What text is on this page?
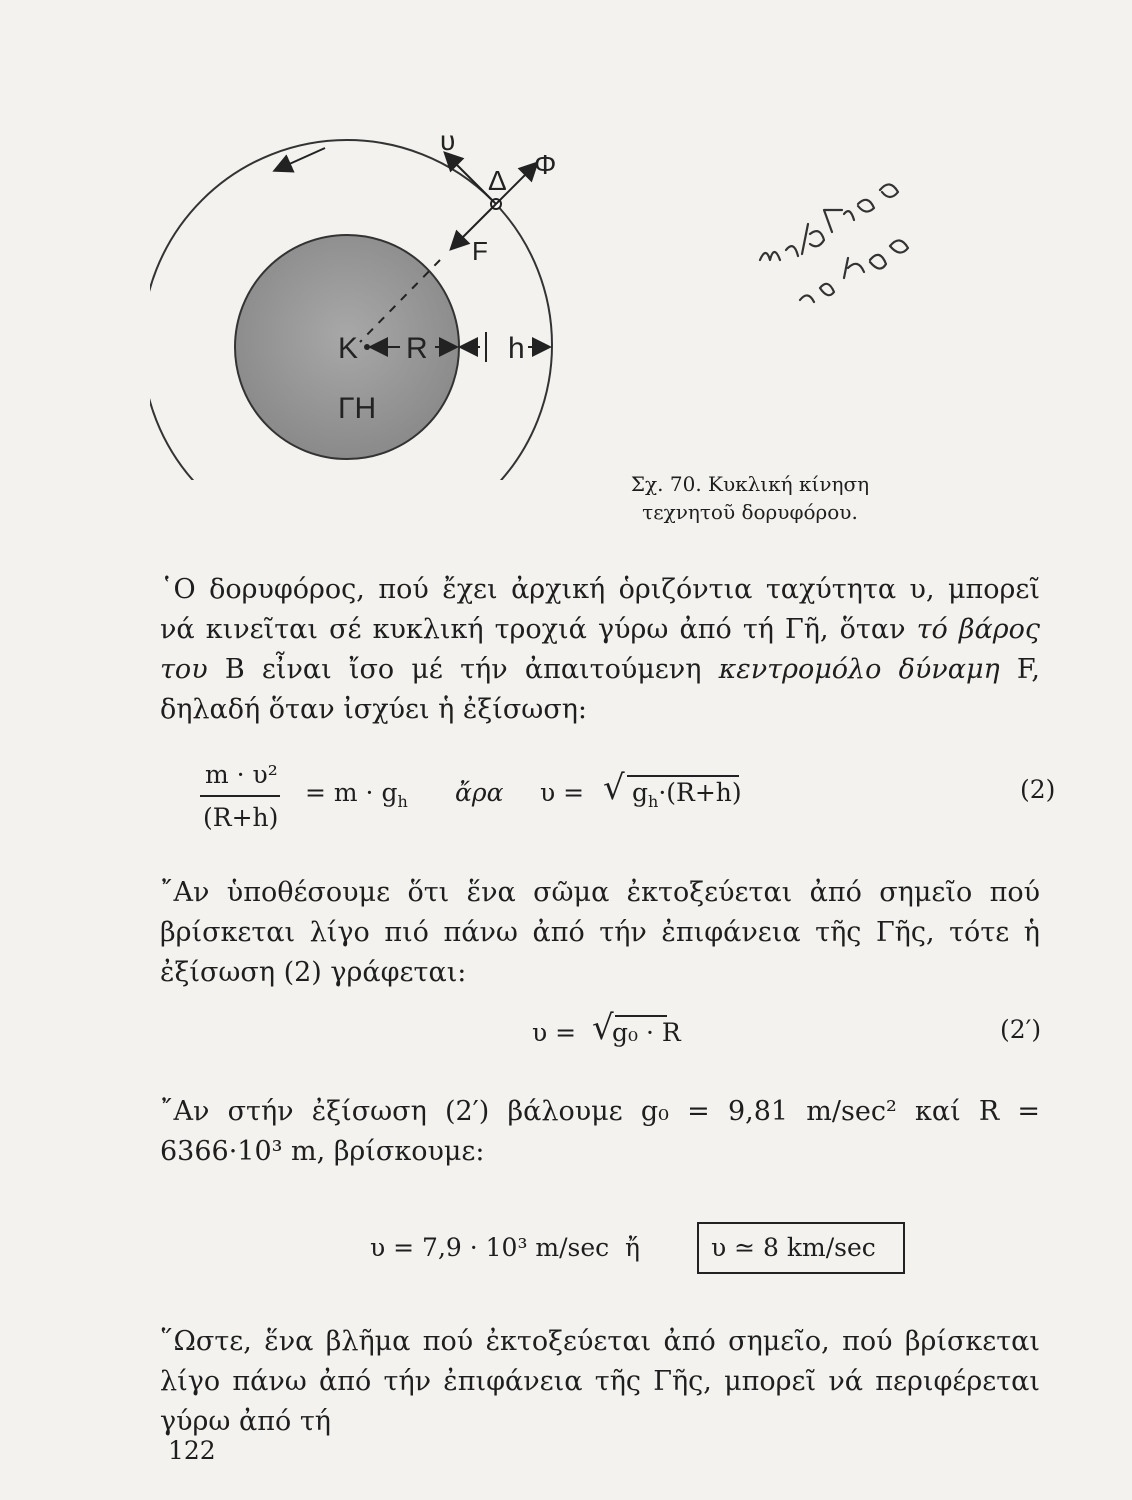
υ
Φ
Δ
F
K R	h
ΓΗ
Σχ. 70. Κυκλική κίνηση τεχνητοῦ δορυφόρου.
῾Ο δορυφόρος, πού ἔχει ἀρχική ὁριζόντια ταχύτητα υ, μπορεῖ νά κινεῖται σέ κυκλική τροχιά γύρω ἀπό τή Γῆ, ὅταν τό βάρος του B εἶναι ἴσο μέ τήν ἀπαιτούμενη κεντρομόλο δύναμη F, δηλαδή ὅταν ἰσχύει ἡ ἐξίσωση:
m · υ²
(R+h)
= $m \cdot g_h$ ἄρα υ = √ $g_h\cdot(R+h)$	(2)
῎Αν ὑποθέσουμε ὅτι ἕνα σῶμα ἐκτοξεύεται ἀπό σημεῖο πού βρίσκεται λίγο πιό πάνω ἀπό τήν ἐπιφάνεια τῆς Γῆς, τότε ἡ ἐξίσωση (2) γράφεται:
υ = √
g₀ · R	(2′)
῎Αν στήν ἐξίσωση (2′) βάλουμε g₀ = 9,81 m/sec² καί R = 6366·10³ m, βρίσκουμε:
υ = 7,9 · 10³ m/sec ἤ	υ ≃ 8 km/sec
῞Ωστε, ἕνα βλῆμα πού ἐκτοξεύεται ἀπό σημεῖο, πού βρίσκεται λίγο πάνω ἀπό τήν ἐπιφάνεια τῆς Γῆς, μπορεῖ νά περιφέρεται γύρω ἀπό τή
122
